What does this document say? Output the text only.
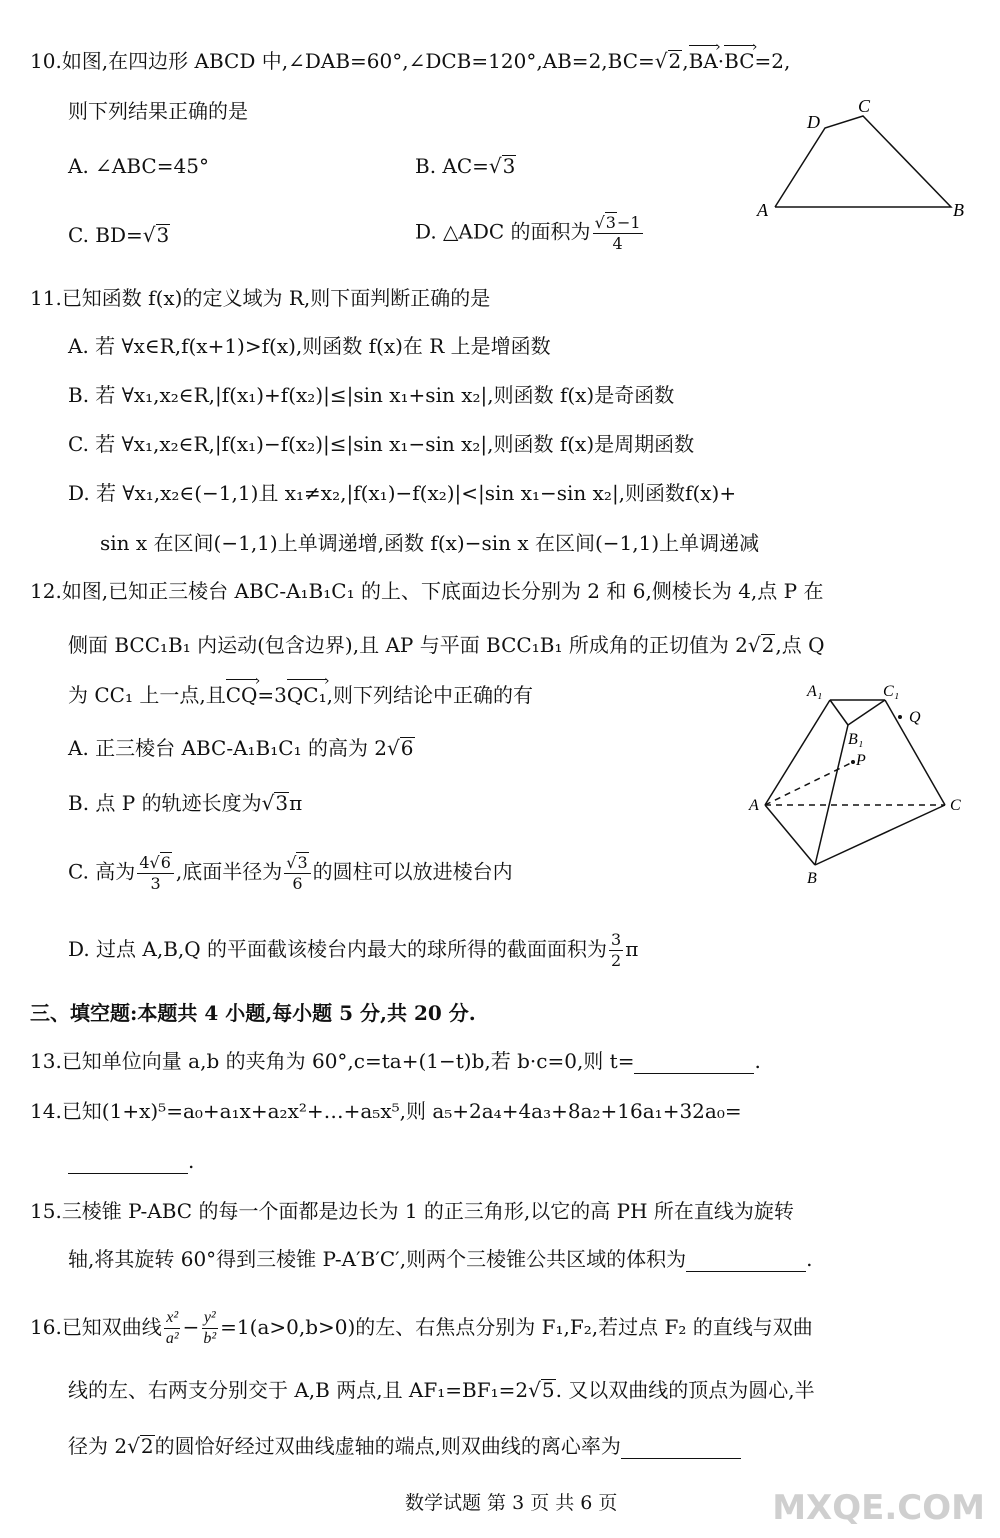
10.如图,在四边形 ABCD 中,∠DAB=60°,∠DCB=120°,AB=2,BC= √ 2,BA ›·BC ›=2,
则下列结果正确的是
A. ∠ABC=45°	B. AC= √ 3
C. BD= √ 3	D. △ADC 的面积为 √ $\frac{3-1}{4}$
D
C
A	B
11.已知函数 f(x)的定义域为 R,则下面判断正确的是
A. 若 ∀x∈R,f(x+1)>f(x),则函数 f(x)在 R 上是增函数
B. 若 ∀x₁,x₂∈R,|f(x₁)+f(x₂)|≤|sin x₁+sin x₂|,则函数 f(x)是奇函数
C. 若 ∀x₁,x₂∈R,|f(x₁)−f(x₂)|≤|sin x₁−sin x₂|,则函数 f(x)是周期函数
D. 若 ∀x₁,x₂∈(−1,1)且 x₁≠x₂,|f(x₁)−f(x₂)|<|sin x₁−sin x₂|,则函数f(x)+
sin x 在区间(−1,1)上单调递增,函数 f(x)−sin x 在区间(−1,1)上单调递减
12.如图,已知正三棱台 ABC-A₁B₁C₁ 的上、下底面边长分别为 2 和 6,侧棱长为 4,点 P 在
侧面 BCC₁B₁ 内运动(包含边界),且 AP 与平面 BCC₁B₁ 所成角的正切值为 2 √ 2,点 Q
为 CC₁ 上一点,且CQ ›=3QC₁ ›,则下列结论中正确的有
A. 正三棱台 ABC-A₁B₁C₁ 的高为 2 √ 6
B. 点 P 的轨迹长度为 √ 3π
C. 高为 $\frac{4 √ 6}{3}$ ,底面半径为 √ $\frac{3}{6}$ 的圆柱可以放进棱台内
D. 过点 A,B,Q 的平面截该棱台内最大的球所得的截面面积为 $\frac{3}{2}$ π
A₁	C₁
B₁
Q
P
A	C
B
三、填空题:本题共 4 小题,每小题 5 分,共 20 分.
13.已知单位向量 a,b 的夹角为 60°,c=ta+(1−t)b,若 b·c=0,则 t=	.
14.已知(1+x)⁵=a₀+a₁x+a₂x²+…+a₅x⁵,则 a₅+2a₄+4a₃+8a₂+16a₁+32a₀=
.
15.三棱锥 P-ABC 的每一个面都是边长为 1 的正三角形,以它的高 PH 所在直线为旋转
轴,将其旋转 60°得到三棱锥 P-A′B′C′,则两个三棱锥公共区域的体积为	.
16.已知双曲线 $\frac{\text{x²}}{\text{a²}} - \frac{\text{y²}}{\text{b²}} =1(a>0,b>0)$的左、右焦点分别为 F₁,F₂,若过点 F₂ 的直线与双曲
线的左、右两支分别交于 A,B 两点,且 AF₁=BF₁=2 √ 5. 又以双曲线的顶点为圆心,半
径为 2 √ 2的圆恰好经过双曲线虚轴的端点,则双曲线的离心率为
数学试题 第 3 页 共 6 页	MXQE.COM
